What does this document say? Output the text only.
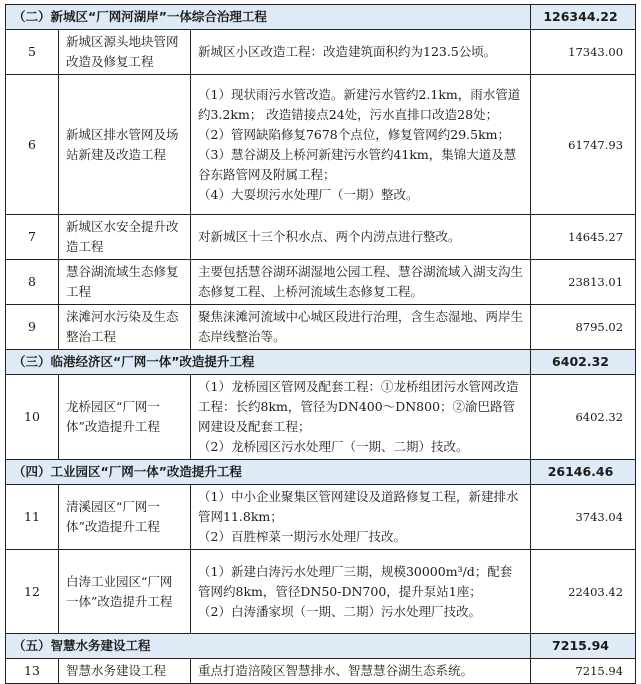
（二）新城区“厂网河湖岸”一体综合治理工程			126344.22
5	新城区源头地块管网改造及修复工程	新城区小区改造工程：改造建筑面积约为123.5公顷。	17343.00
6	新城区排水管网及场站新建及改造工程	（1）现状雨污水管改造。新建污水管约2.1km，雨水管道约3.2km； 改造错接点24处，污水直排口改造28处；
（2）管网缺陷修复7678个点位，修复管网约29.5km；
（3）慧谷湖及上桥河新建污水管约41km，集锦大道及慧谷东路管网及附属工程；
（4）大耍坝污水处理厂（一期）整改。	61747.93
7	新城区水安全提升改造工程	对新城区十三个积水点、两个内涝点进行整改。	14645.27
8	慧谷湖流域生态修复工程	主要包括慧谷湖环湖湿地公园工程、慧谷湖流域入湖支沟生态修复工程、上桥河流域生态修复工程。	23813.01
9	涞滩河水污染及生态整治工程	聚焦涞滩河流域中心城区段进行治理，含生态湿地、两岸生态岸线整治等。	8795.02
（三）临港经济区“厂网一体”改造提升工程			6402.32
10	龙桥园区“厂网一体”改造提升工程	（1）龙桥园区管网及配套工程：①龙桥组团污水管网改造工程：长约8km，管径为DN400～DN800；②渝巴路管网建设及配套工程；
（2）龙桥园区污水处理厂（一期、二期）技改。	6402.32
（四）工业园区“厂网一体”改造提升工程			26146.46
11	清溪园区“厂网一体”改造提升工程	（1）中小企业聚集区管网建设及道路修复工程，新建排水管网11.8km；
（2）百胜榨菜一期污水处理厂技改。	3743.04
12	白涛工业园区“厂网一体”改造提升工程	（1）新建白涛污水处理厂三期，规模30000m³/d；配套管网约8km，管径DN50-DN700，提升泵站1座；
（2）白涛潘家坝（一期、二期）污水处理厂技改。	22403.42
（五）智慧水务建设工程			7215.94
13	智慧水务建设工程	重点打造涪陵区智慧排水、智慧慧谷湖生态系统。	7215.94
